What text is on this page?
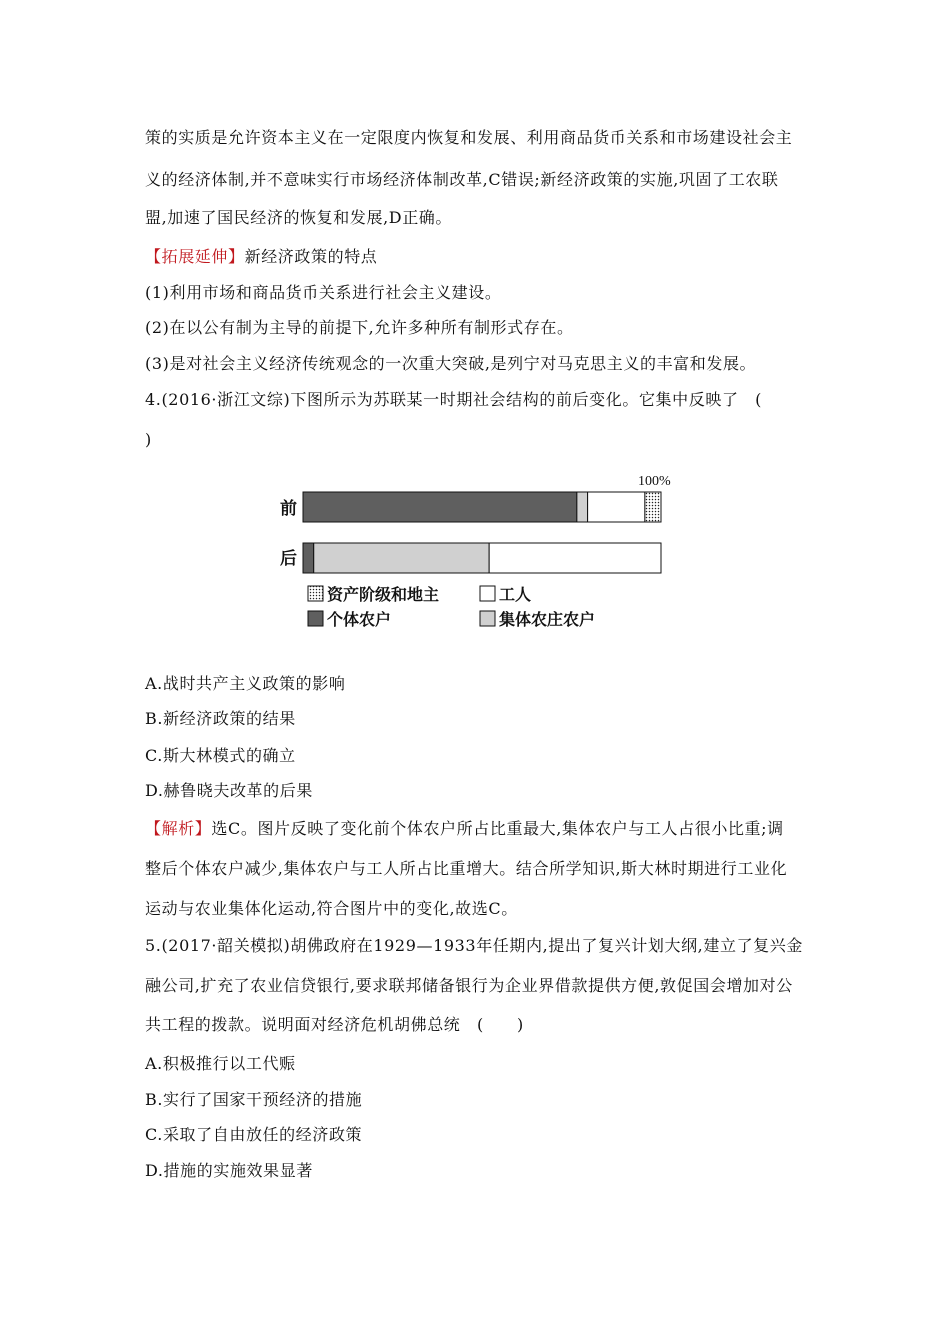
策的实质是允许资本主义在一定限度内恢复和发展、利用商品货币关系和市场建设社会主
义的经济体制,并不意味实行市场经济体制改革,C错误;新经济政策的实施,巩固了工农联
盟,加速了国民经济的恢复和发展,D正确。
【拓展延伸】新经济政策的特点
(1)利用市场和商品货币关系进行社会主义建设。
(2)在以公有制为主导的前提下,允许多种所有制形式存在。
(3)是对社会主义经济传统观念的一次重大突破,是列宁对马克思主义的丰富和发展。
4.(2016·浙江文综)下图所示为苏联某一时期社会结构的前后变化。它集中反映了　(
)
100%
前
后
资产阶级和地主	工人
个体农户	集体农庄农户
A.战时共产主义政策的影响
B.新经济政策的结果
C.斯大林模式的确立
D.赫鲁晓夫改革的后果
【解析】选C。图片反映了变化前个体农户所占比重最大,集体农户与工人占很小比重;调
整后个体农户减少,集体农户与工人所占比重增大。结合所学知识,斯大林时期进行工业化
运动与农业集体化运动,符合图片中的变化,故选C。
5.(2017·韶关模拟)胡佛政府在1929—1933年任期内,提出了复兴计划大纲,建立了复兴金
融公司,扩充了农业信贷银行,要求联邦储备银行为企业界借款提供方便,敦促国会增加对公
共工程的拨款。说明面对经济危机胡佛总统　(　　)
A.积极推行以工代赈
B.实行了国家干预经济的措施
C.采取了自由放任的经济政策
D.措施的实施效果显著
